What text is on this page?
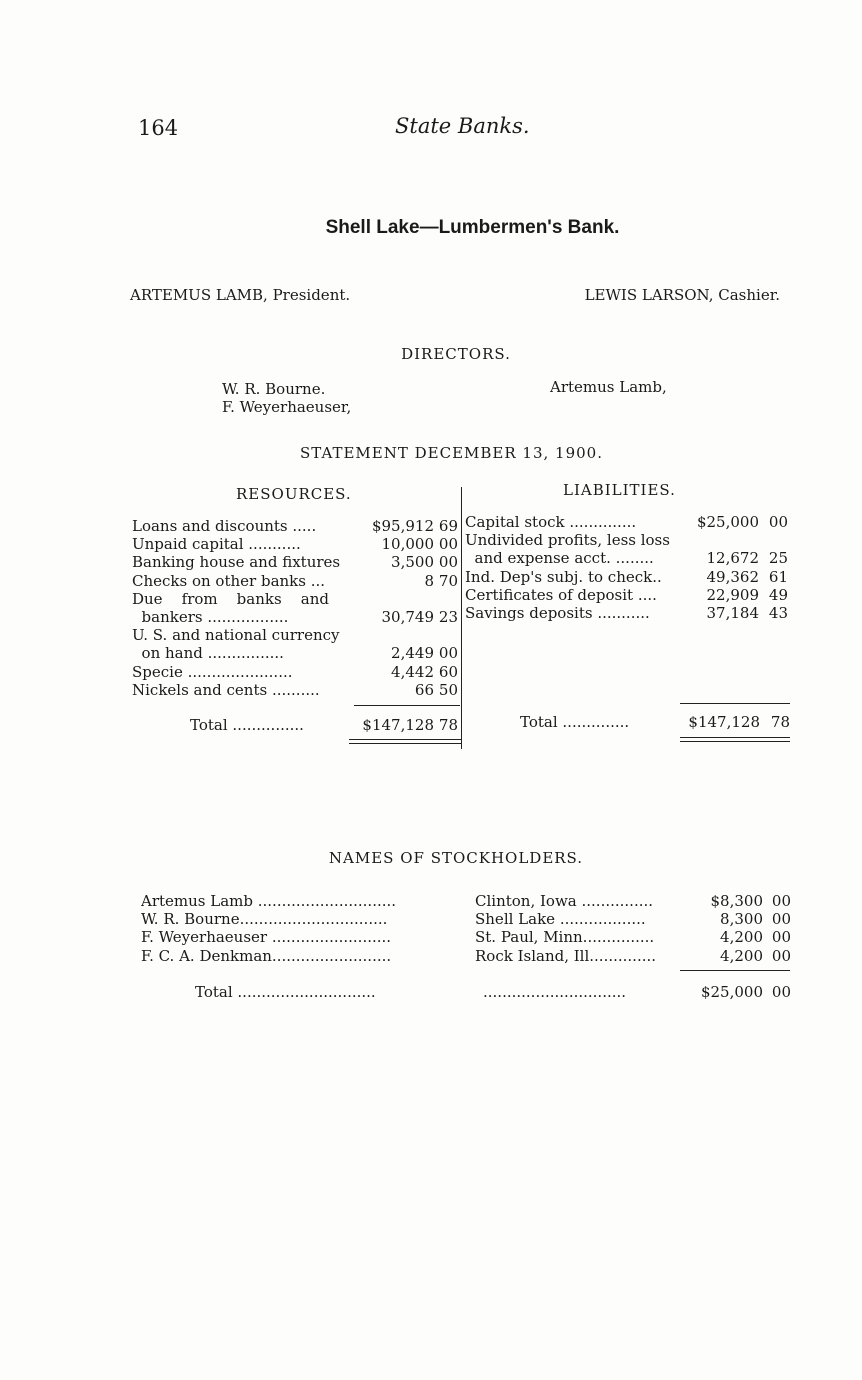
164	State Banks.
Shell Lake—Lumbermen's Bank.
ARTEMUS LAMB, President.	LEWIS LARSON, Cashier.
DIRECTORS.
W. R. Bourne.
F. Weyerhaeuser,
Artemus Lamb,
STATEMENT DECEMBER 13, 1900.
RESOURCES.	LIABILITIES.
Loans and discounts .....	$95,912 69
Unpaid capital ...........	10,000 00
Banking house and fixtures	3,500 00
Checks on other banks ...	8 70
Due    from    banks    and
bankers .................	30,749 23
U. S. and national currency
on hand ................	2,449 00
Specie ......................	4,442 60
Nickels and cents ..........	66 50
Total ...............	$147,128 78
Capital stock ..............	$25,000 00
Undivided profits, less loss
and expense acct. ........	12,672 25
Ind. Dep's subj. to check..	49,362 61
Certificates of deposit ....	22,909 49
Savings deposits ...........	37,184 43
Total ..............	$147,128 78
NAMES OF STOCKHOLDERS.
Artemus Lamb .............................	Clinton, Iowa ...............	$8,300 00
W. R. Bourne...............................	Shell Lake ..................	8,300 00
F. Weyerhaeuser .........................	St. Paul, Minn...............	4,200 00
F. C. A. Denkman.........................	Rock Island, Ill..............	4,200 00
Total .............................	..............................	$25,000 00
